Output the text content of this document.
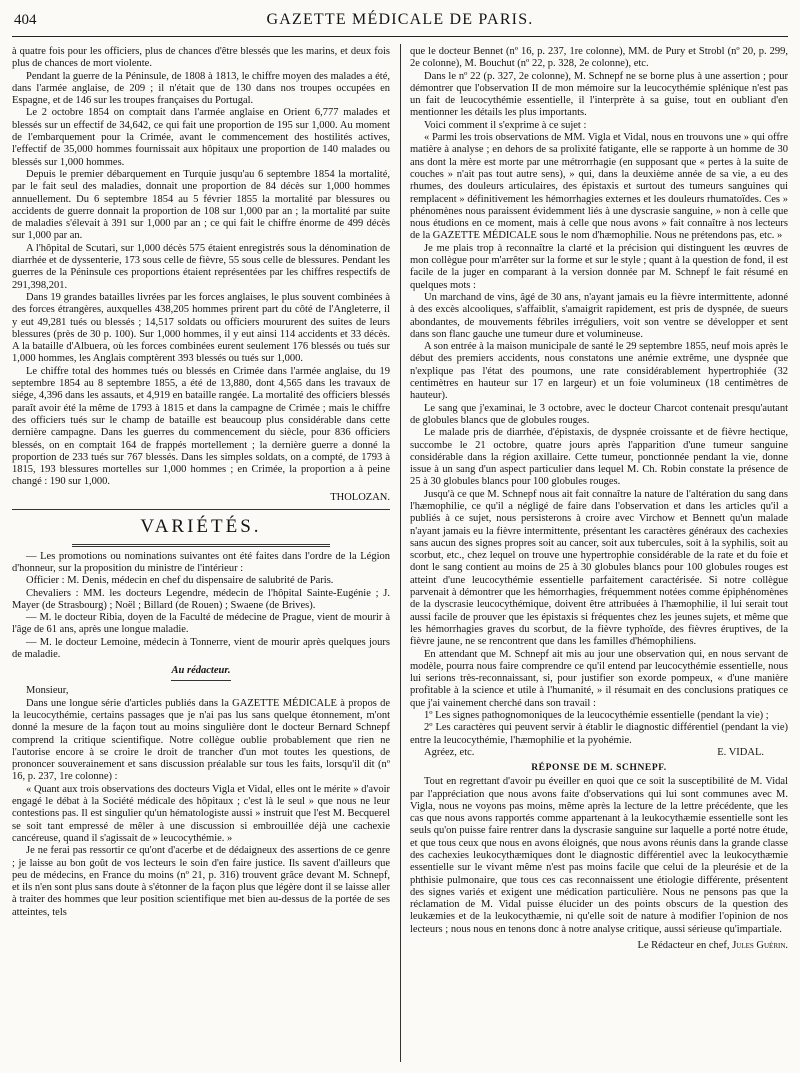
404	GAZETTE MÉDICALE DE PARIS.

à quatre fois pour les officiers, plus de chances d'être blessés que les marins, et deux fois plus de chances de mort violente.

Pendant la guerre de la Péninsule, de 1808 à 1813, le chiffre moyen des malades a été, dans l'armée anglaise, de 209 ; il n'était que de 130 dans nos troupes occupées en Espagne, et de 146 sur les troupes françaises du Portugal.

Le 2 octobre 1854 on comptait dans l'armée anglaise en Orient 6,777 malades et blessés sur un effectif de 34,642, ce qui fait une proportion de 195 sur 1,000. Au moment de l'embarquement pour la Crimée, avant le commencement des hostilités actives, l'effectif de 35,000 hommes fournissait aux hôpitaux une proportion de 140 malades ou blessés sur 1,000 hommes.

Depuis le premier débarquement en Turquie jusqu'au 6 septembre 1854 la mortalité, par le fait seul des maladies, donnait une proportion de 84 décès sur 1,000 hommes annuellement. Du 6 septembre 1854 au 5 février 1855 la mortalité par blessures ou accidents de guerre donnait la proportion de 108 sur 1,000 par an ; la mortalité par suite de maladies s'élevait à 391 sur 1,000 par an ; ce qui fait le chiffre énorme de 499 décès sur 1,000 par an.

A l'hôpital de Scutari, sur 1,000 décès 575 étaient enregistrés sous la dénomination de diarrhée et de dyssenterie, 173 sous celle de fièvre, 55 sous celle de blessures. Pendant les guerres de la Péninsule ces proportions étaient représentées par les chiffres respectifs de 291,398,201.

Dans 19 grandes batailles livrées par les forces anglaises, le plus souvent combinées à des forces étrangères, auxquelles 438,205 hommes prirent part du côté de l'Angleterre, il y eut 49,281 tués ou blessés ; 14,517 soldats ou officiers moururent des suites de leurs blessures (près de 30 p. 100). Sur 1,000 hommes, il y eut ainsi 114 accidents et 33 décès. A la bataille d'Albuera, où les forces combinées eurent seulement 176 blessés ou tués sur 1,000 hommes, les Anglais comptèrent 393 blessés ou tués sur 1,000.

Le chiffre total des hommes tués ou blessés en Crimée dans l'armée anglaise, du 19 septembre 1854 au 8 septembre 1855, a été de 13,880, dont 4,565 dans les travaux de siége, 4,396 dans les assauts, et 4,919 en bataille rangée. La mortalité des officiers blessés paraît avoir été la même de 1793 à 1815 et dans la campagne de Crimée ; mais le chiffre des officiers tués sur le champ de bataille est beaucoup plus considérable dans cette dernière campagne. Dans les guerres du commencement du siècle, pour 836 officiers blessés, on en comptait 164 de frappés mortellement ; la dernière guerre a donné la proportion de 233 tués sur 767 blessés. Dans les simples soldats, on a compté, de 1793 à 1815, 193 blessures mortelles sur 1,000 hommes ; en Crimée, la proportion a à peine changé : 190 sur 1,000.

THOLOZAN.
VARIÉTÉS.

— Les promotions ou nominations suivantes ont été faites dans l'ordre de la Légion d'honneur, sur la proposition du ministre de l'intérieur :

Officier : M. Denis, médecin en chef du dispensaire de salubrité de Paris.

Chevaliers : MM. les docteurs Legendre, médecin de l'hôpital Sainte-Eugénie ; J. Mayer (de Strasbourg) ; Noël ; Billard (de Rouen) ; Swaene (de Brives).

— M. le docteur Ribia, doyen de la Faculté de médecine de Prague, vient de mourir à l'âge de 61 ans, après une longue maladie.

— M. le docteur Lemoine, médecin à Tonnerre, vient de mourir après quelques jours de maladie.

Au rédacteur.

Monsieur,

Dans une longue série d'articles publiés dans la GAZETTE MÉDICALE à propos de la leucocythémie, certains passages que je n'ai pas lus sans quelque étonnement, m'ont donné la mesure de la façon tout au moins singulière dont le docteur Bernard Schnepf comprend la critique scientifique. Notre collègue oublie probablement que rien ne l'autorise encore à se croire le droit de trancher d'un mot toutes les questions, de prononcer souverainement et sans discussion préalable sur tous les faits, lorsqu'il dit (nº 16, p. 237, 1re colonne) :

« Quant aux trois observations des docteurs Vigla et Vidal, elles ont le mérite » d'avoir engagé le débat à la Société médicale des hôpitaux ; c'est là le seul » que nous ne leur contestions pas. Il est singulier qu'un hématologiste aussi » instruit que l'est M. Becquerel se soit tant empressé de mêler à une discussion si embrouillée déjà une cachexie cancéreuse, quand il s'agissait de » leucocythémie. »

Je ne ferai pas ressortir ce qu'ont d'acerbe et de dédaigneux des assertions de ce genre ; je laisse au bon goût de vos lecteurs le soin d'en faire justice. Ils savent d'ailleurs que peu de médecins, en France du moins (nº 21, p. 316) trouvent grâce devant M. Schnepf, et ils n'en sont plus sans doute à s'étonner de la façon plus que légère dont il se laisse aller à traiter des hommes que leur position scientifique met bien au-dessus de la portée de ses atteintes, tels

que le docteur Bennet (nº 16, p. 237, 1re colonne), MM. de Pury et Strobl (nº 20, p. 299, 2e colonne), M. Bouchut (nº 22, p. 328, 2e colonne), etc.

Dans le nº 22 (p. 327, 2e colonne), M. Schnepf ne se borne plus à une assertion ; pour démontrer que l'observation II de mon mémoire sur la leucocythémie splénique n'est pas un fait de leucocythémie essentielle, il l'interprète à sa guise, tout en oubliant d'en mentionner les détails les plus importants.

Voici comment il s'exprime à ce sujet :

« Parmi les trois observations de MM. Vigla et Vidal, nous en trouvons une » qui offre matière à analyse ; en dehors de sa prolixité fatigante, elle se rapporte à un homme de 30 ans dont la mère est morte par une métrorrhagie (en supposant que « pertes à la suite de couches » n'ait pas tout autre sens), » qui, dans la deuxième année de sa vie, a eu des rhumes, des douleurs articulaires, des épistaxis et surtout des tumeurs sanguines qui remplacent » définitivement les hémorrhagies externes et les douleurs rhumatoïdes. Ces » phénomènes nous paraissent évidemment liés à une dyscrasie sanguine, » non à celle que nous étudions en ce moment, mais à celle que nous avons » fait connaître à nos lecteurs de la GAZETTE MÉDICALE sous le nom d'hæmophilie. Nous ne prétendons pas, etc. »

Je me plais trop à reconnaître la clarté et la précision qui distinguent les œuvres de mon collègue pour m'arrêter sur la forme et sur le style ; quant à la question de fond, il est facile de la juger en comparant à la version donnée par M. Schnepf le fait résumé en quelques mots :

Un marchand de vins, âgé de 30 ans, n'ayant jamais eu la fièvre intermittente, adonné à des excès alcooliques, s'affaiblit, s'amaigrit rapidement, est pris de dyspnée, de sueurs abondantes, de mouvements fébriles irréguliers, voit son ventre se développer et sent dans son flanc gauche une tumeur dure et volumineuse.

A son entrée à la maison municipale de santé le 29 septembre 1855, neuf mois après le début des premiers accidents, nous constatons une anémie extrême, une dyspnée que n'explique pas l'état des poumons, une rate considérablement hypertrophiée (32 centimètres en hauteur sur 17 en largeur) et un foie volumineux (18 centimètres de hauteur).

Le sang que j'examinai, le 3 octobre, avec le docteur Charcot contenait presqu'autant de globules blancs que de globules rouges.

Le malade pris de diarrhée, d'épistaxis, de dyspnée croissante et de fièvre hectique, succombe le 21 octobre, quatre jours après l'apparition d'une tumeur sanguine considérable dans la région axillaire. Cette tumeur, ponctionnée pendant la vie, donne issue à un sang d'un aspect particulier dans lequel M. Ch. Robin constate la présence de 25 à 30 globules blancs pour 100 globules rouges.

Jusqu'à ce que M. Schnepf nous ait fait connaître la nature de l'altération du sang dans l'hæmophilie, ce qu'il a négligé de faire dans l'observation et dans les articles qu'il a publiés à ce sujet, nous persisterons à croire avec Virchow et Bennett qu'un malade n'ayant jamais eu la fièvre intermittente, présentant les caractères généraux des cachexies sans aucun des signes propres soit au cancer, soit aux tubercules, soit à la syphilis, soit au scorbut, etc., chez lequel on trouve une hypertrophie considérable de la rate et du foie et dont le sang contient au moins de 25 à 30 globules blancs pour 100 globules rouges est atteint d'une leucocythémie essentielle parfaitement caractérisée. Si notre collègue parvenait à démontrer que les hémorrhagies, fréquemment notées comme épiphénomènes de la dyscrasie leucocythémique, doivent être attribuées à l'hæmophilie, il lui serait tout aussi facile de prouver que les épistaxis si fréquentes chez les jeunes sujets, et même que les hémorrhagies graves du scorbut, de la fièvre typhoïde, des fièvres éruptives, de la fièvre jaune, ne se rencontrent que dans les familles d'hémophiliens.

En attendant que M. Schnepf ait mis au jour une observation qui, en nous servant de modèle, pourra nous faire comprendre ce qu'il entend par leucocythémie essentielle, nous lui serions très-reconnaissant, si, pour justifier son exorde pompeux, « d'une manière profitable à la science et utile à l'humanité, » il résumait en des conclusions pratiques ce que j'ai vainement cherché dans son travail :

1º Les signes pathognomoniques de la leucocythémie essentielle (pendant la vie) ;

2º Les caractères qui peuvent servir à établir le diagnostic différentiel (pendant la vie) entre la leucocythémie, l'hæmophilie et la pyohémie.

Agréez, etc.	E. VIDAL.

RÉPONSE DE M. SCHNEPF.

Tout en regrettant d'avoir pu éveiller en quoi que ce soit la susceptibilité de M. Vidal par l'appréciation que nous avons faite d'observations qui lui sont communes avec M. Vigla, nous ne voyons pas moins, même après la lecture de la lettre précédente, que les cas que nous avons rapportés comme appartenant à la leukocythæmie essentielle sont les seuls qu'on puisse faire rentrer dans la dyscrasie sanguine sur laquelle a porté notre étude, et que tous ceux que nous en avons éloignés, que nous avons réunis dans la grande classe des cachexies leukocythæmiques dont le diagnostic différentiel avec la leukocythæmie essentielle sur le vivant même n'est pas moins facile que celui de la pleurésie et de la phthisie pulmonaire, que tous ces cas reconnaissent une étiologie différente, présentent des signes variés et exigent une médication particulière. Nous ne pensons pas que la réclamation de M. Vidal puisse élucider un des points obscurs de la question des leukæmies et de la leukocythæmie, ni qu'elle soit de nature à modifier l'opinion de nos lecteurs ; nous nous en tenons donc à notre analyse critique, aussi sérieuse qu'impartiale.

Le Rédacteur en chef, Jules Guérin.
